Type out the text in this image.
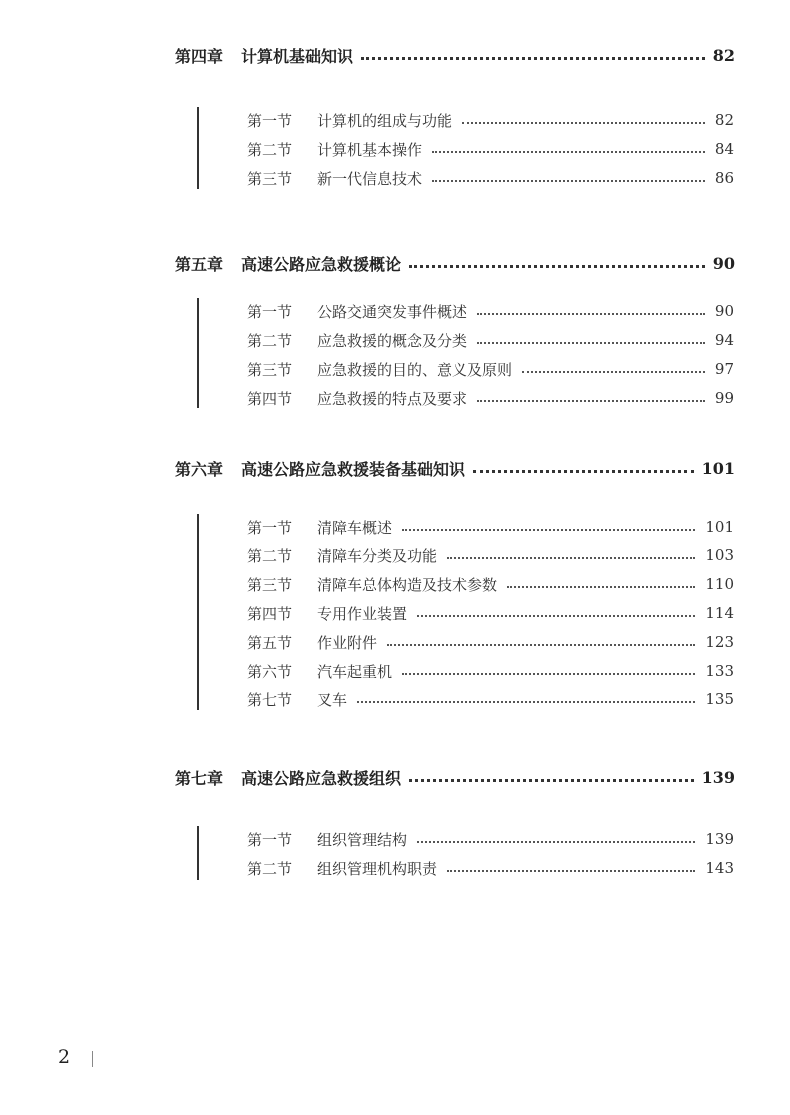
第四章	计算机基础知识	82
第一节	计算机的组成与功能	82
第二节	计算机基本操作	84
第三节	新一代信息技术	86
第五章	高速公路应急救援概论	90
第一节	公路交通突发事件概述	90
第二节	应急救援的概念及分类	94
第三节	应急救援的目的、意义及原则	97
第四节	应急救援的特点及要求	99
第六章	高速公路应急救援装备基础知识	101
第一节	清障车概述	101
第二节	清障车分类及功能	103
第三节	清障车总体构造及技术参数	110
第四节	专用作业装置	114
第五节	作业附件	123
第六节	汽车起重机	133
第七节	叉车	135
第七章	高速公路应急救援组织	139
第一节	组织管理结构	139
第二节	组织管理机构职责	143
2
